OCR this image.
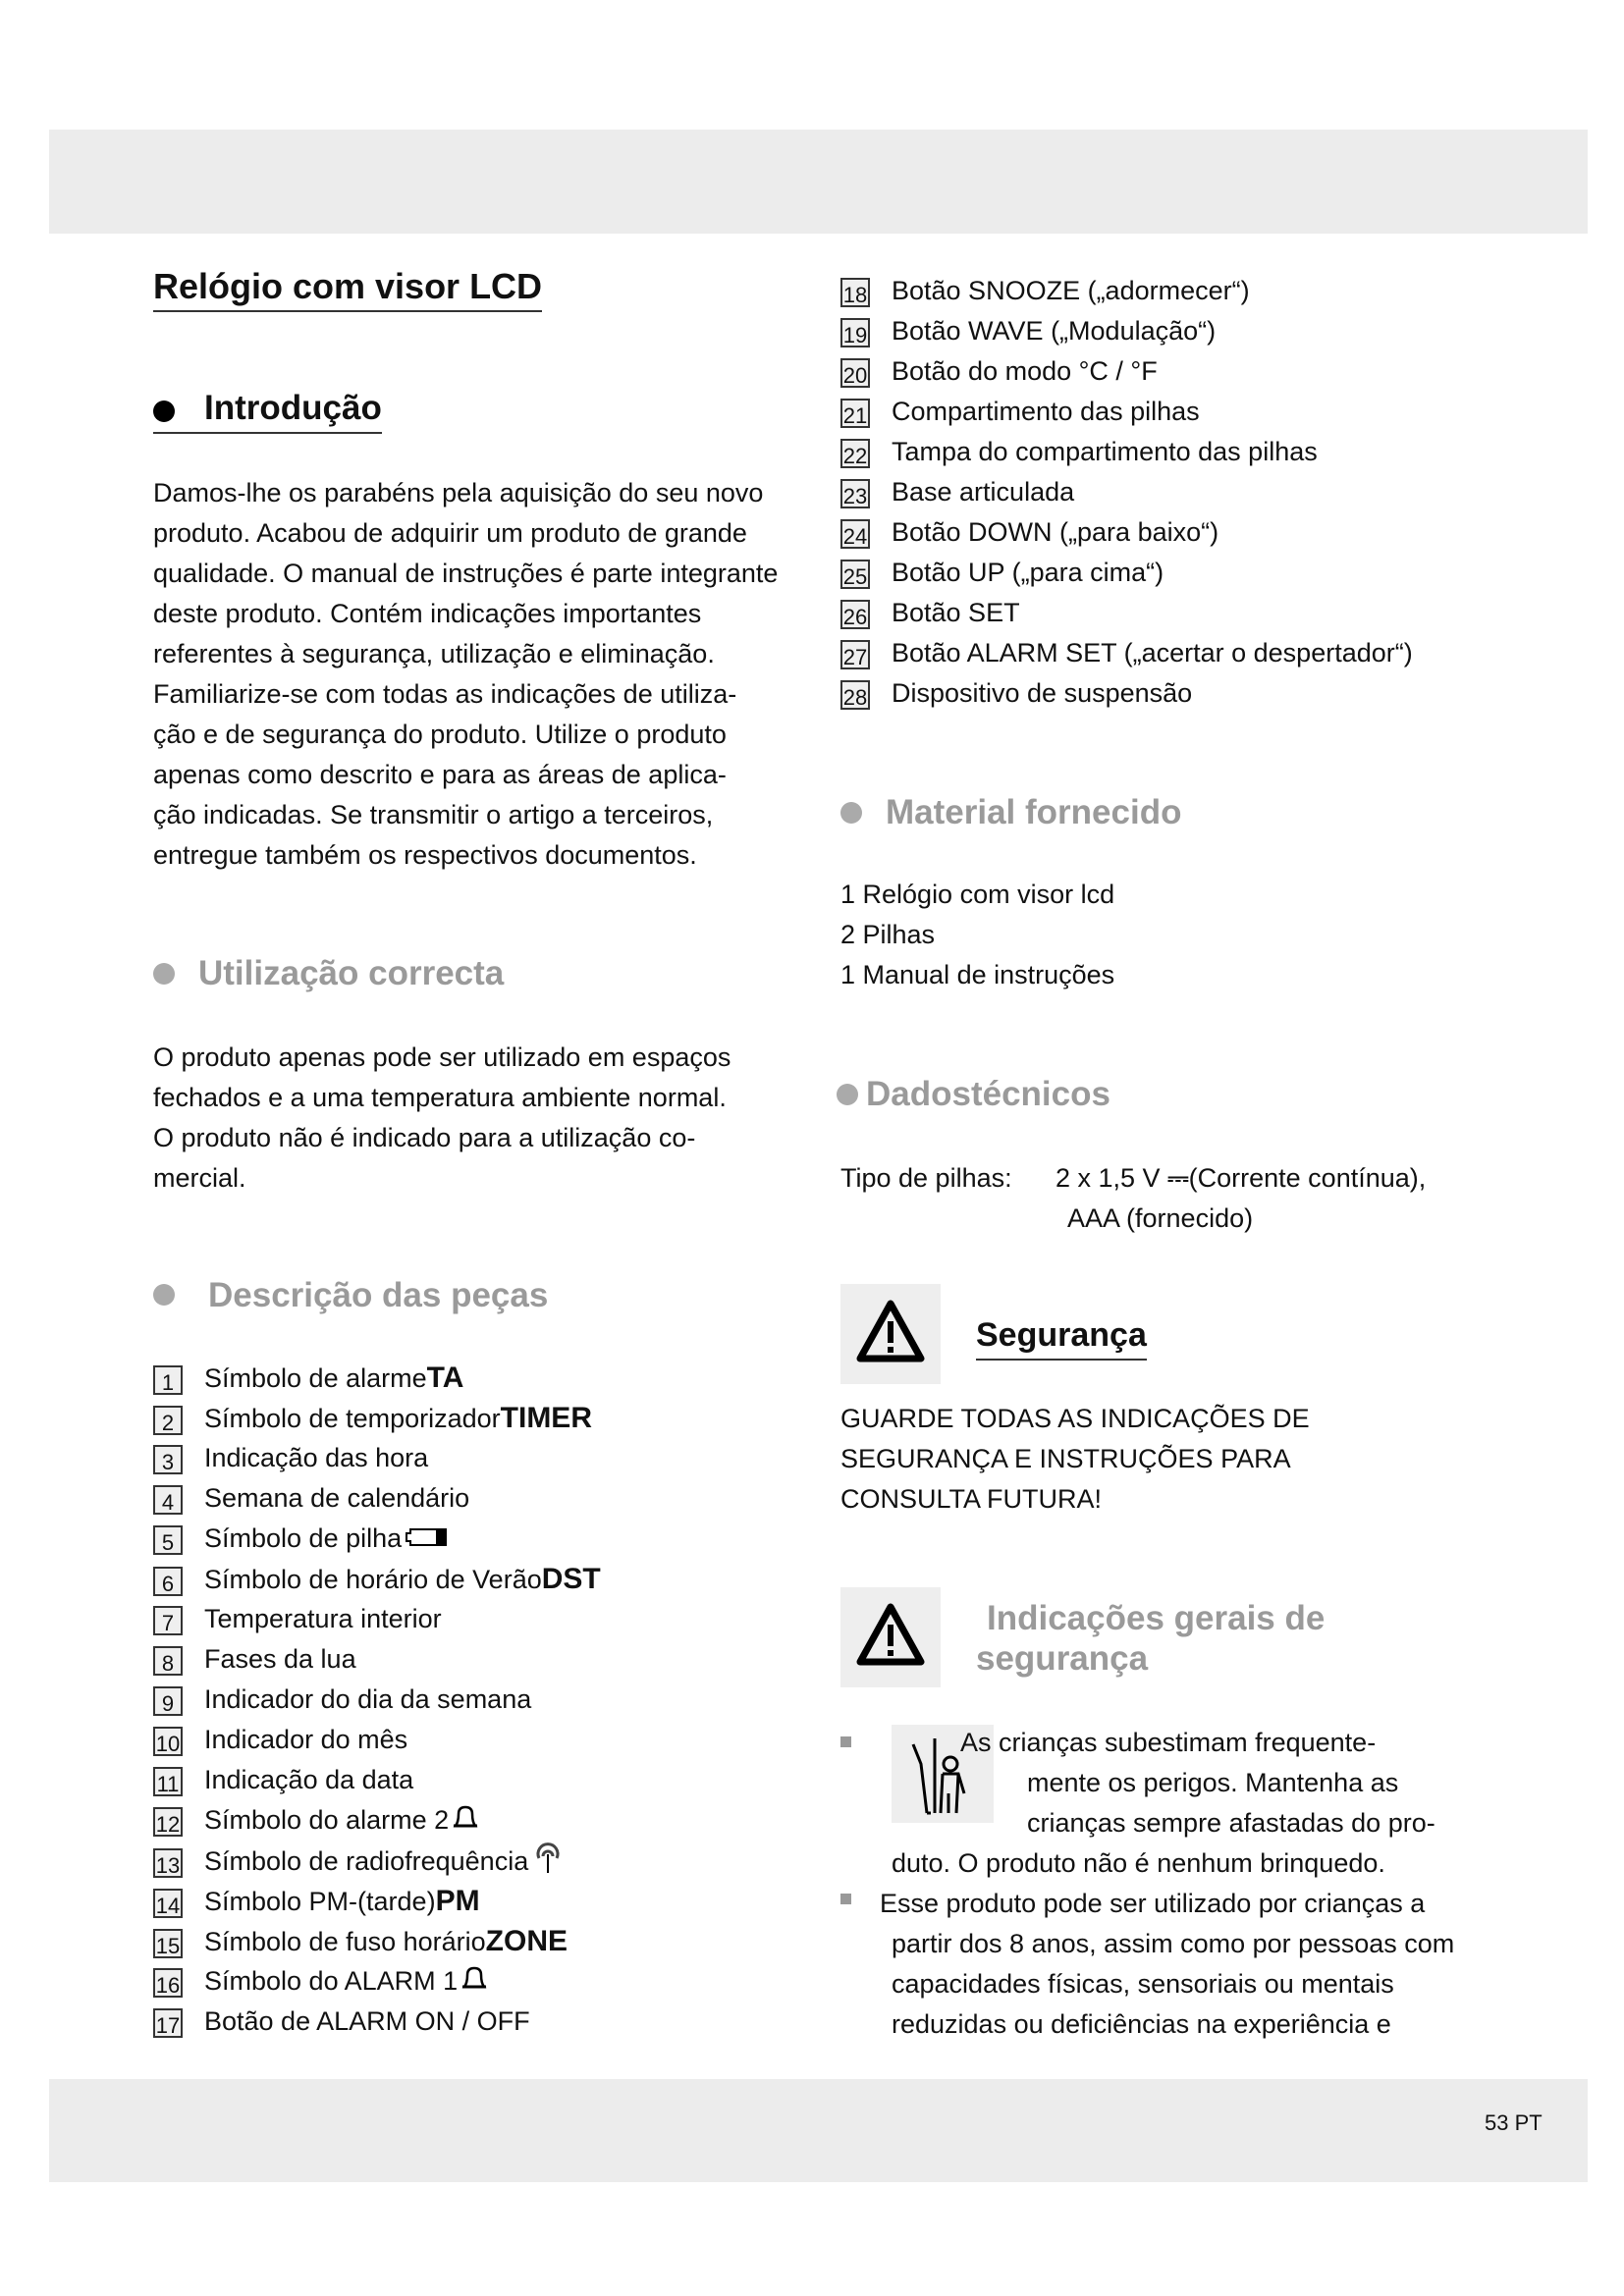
53 PT
Relógio com visor LCD
Introdução
Utilização correcta
Descrição das peças
Material fornecido
Dadostécnicos
Tipo de pilhas: 2 x 1,5 V ⎓(Corrente contínua),
AAA (fornecido)
Segurança
Indicações gerais de
segurança
Damos-lhe os parabéns pela aquisição do seu novo
produto. Acabou de adquirir um produto de grande
qualidade. O manual de instruções é parte integrante
deste produto. Contém indicações importantes
referentes à segurança, utilização e eliminação.
Familiarize-se com todas as indicações de utiliza-
ção e de segurança do produto. Utilize o produto
apenas como descrito e para as áreas de aplica-
ção indicadas. Se transmitir o artigo a terceiros,
entregue também os respectivos documentos.
O produto apenas pode ser utilizado em espaços
fechados e a uma temperatura ambiente normal.
O produto não é indicado para a utilização co-
mercial.
1 Relógio com visor lcd
2 Pilhas
1 Manual de instruções
GUARDE TODAS AS INDICAÇÕES DE
SEGURANÇA E INSTRUÇÕES PARA
CONSULTA FUTURA!
As crianças subestimam frequente-
mente os perigos. Mantenha as
crianças sempre afastadas do pro-
duto. O produto não é nenhum brinquedo.
Esse produto pode ser utilizado por crianças a
partir dos 8 anos, assim como por pessoas com
capacidades físicas, sensoriais ou mentais
reduzidas ou deficiências na experiência e
1 Símbolo de alarmeTA
2 Símbolo de temporizadorTIMER
3 Indicação das hora
4 Semana de calendário
5 Símbolo de pilha
6 Símbolo de horário de VerãoDST
7 Temperatura interior
8 Fases da lua
9 Indicador do dia da semana
10 Indicador do mês
11 Indicação da data
12 Símbolo do alarme 2
13 Símbolo de radiofrequência
14 Símbolo PM-(tarde)PM
15 Símbolo de fuso horárioZONE
16 Símbolo do ALARM 1
17 Botão de ALARM ON / OFF
18 Botão SNOOZE („adormecer“)
19 Botão WAVE („Modulação“)
20 Botão do modo °C / °F
21 Compartimento das pilhas
22 Tampa do compartimento das pilhas
23 Base articulada
24 Botão DOWN („para baixo“)
25 Botão UP („para cima“)
26 Botão SET
27 Botão ALARM SET („acertar o despertador“)
28 Dispositivo de suspensão
